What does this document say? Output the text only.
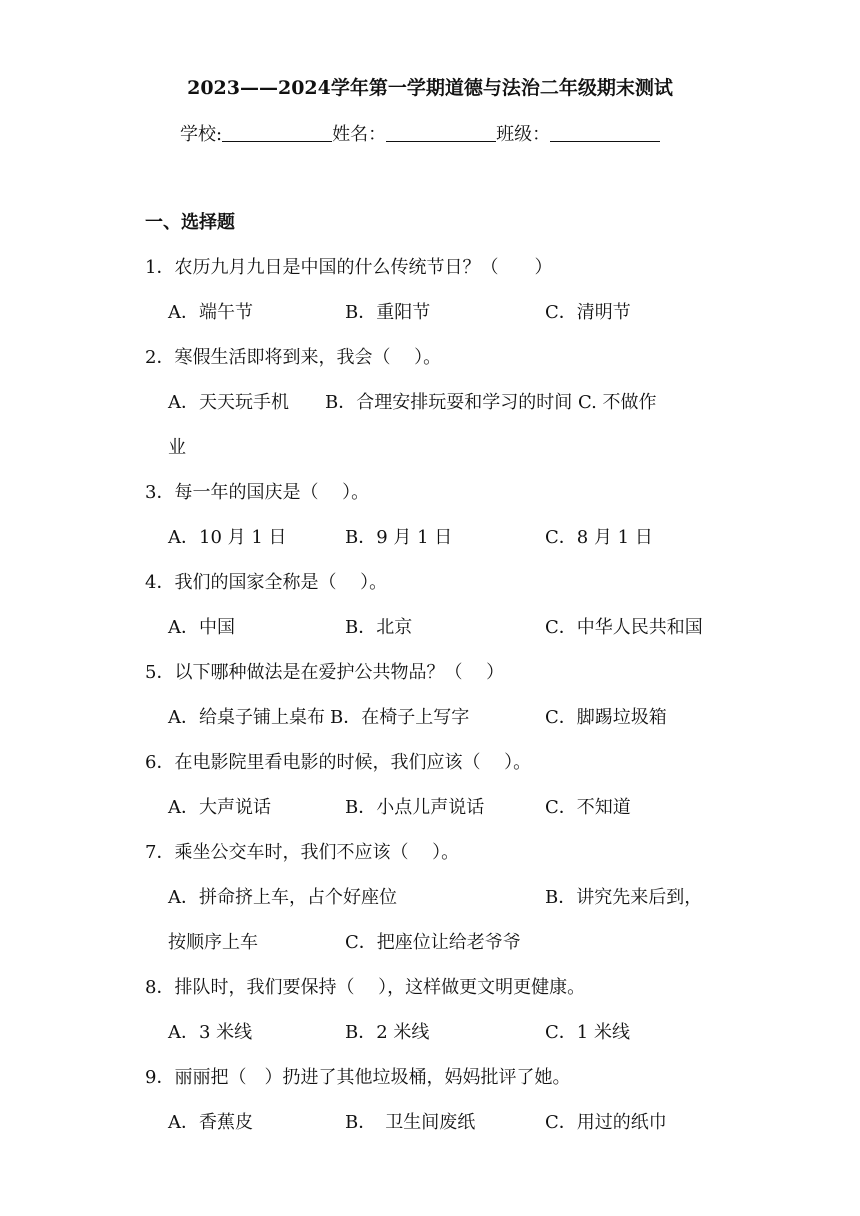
2023——2024学年第一学期道德与法治二年级期末测试
学校:	姓名：	班级：
一、选择题
1．农历九月九日是中国的什么传统节日？（　　）
A．端午节	B．重阳节	C．清明节
2．寒假生活即将到来，我会（　 ）。
A．天天玩手机　　B．合理安排玩耍和学习的时间 C. 不做作
业
3．每一年的国庆是（　 ）。
A．10 月 1 日	B．9 月 1 日	C．8 月 1 日
4．我们的国家全称是（　 ）。
A．中国	B．北京	C．中华人民共和国
5．以下哪种做法是在爱护公共物品？（　 ）
A．给桌子铺上桌布 B．在椅子上写字	C．脚踢垃圾箱
6．在电影院里看电影的时候，我们应该（　 ）。
A．大声说话	B．小点儿声说话	C．不知道
7．乘坐公交车时，我们不应该（　 ）。
A．拼命挤上车，占个好座位	B．讲究先来后到，
按顺序上车	C．把座位让给老爷爷
8．排队时，我们要保持（　 ），这样做更文明更健康。
A．3 米线	B．2 米线	C．1 米线
9．丽丽把（　）扔进了其他垃圾桶，妈妈批评了她。
A．香蕉皮	B．　卫生间废纸	C．用过的纸巾
